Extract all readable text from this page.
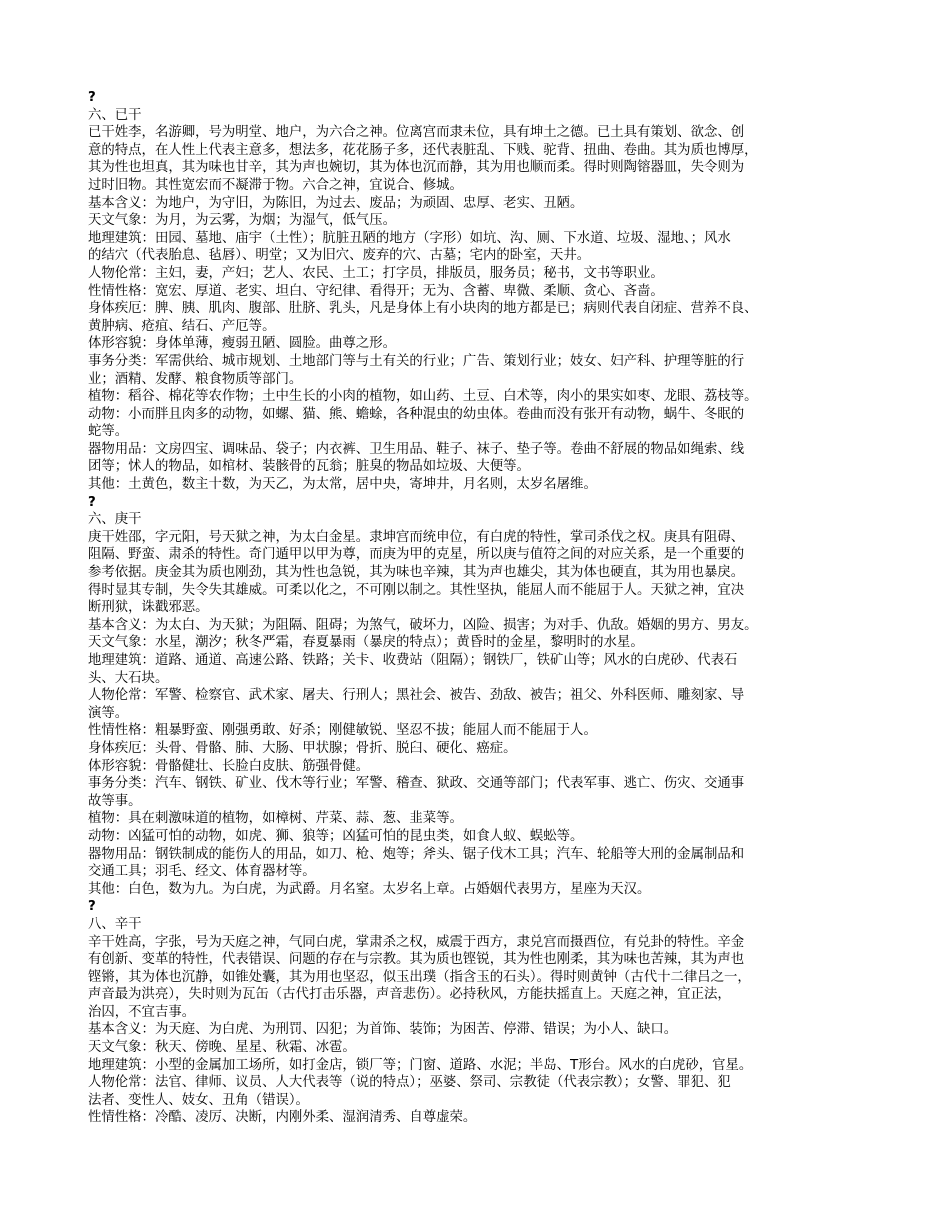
?
六、已干
已干姓李，名游卿，号为明堂、地户，为六合之神。位离宫而隶未位，具有坤土之德。已土具有策划、欲念、创
意的特点，在人性上代表主意多，想法多，花花肠子多，还代表脏乱、下贱、驼背、扭曲、卷曲。其为质也博厚，
其为性也坦真，其为味也甘辛，其为声也婉切，其为体也沉而静，其为用也顺而柔。得时则陶镕器皿，失令则为
过时旧物。其性宽宏而不凝滞于物。六合之神，宜说合、修城。
基本含义：为地户，为守旧，为陈旧，为过去、废品；为顽固、忠厚、老实、丑陋。
天文气象：为月，为云雾，为烟；为湿气，低气压。
地理建筑：田园、墓地、庙宇（土性）；肮脏丑陋的地方（字形）如坑、沟、厕、下水道、垃圾、湿地、；风水
的结穴（代表胎息、毡唇）、明堂；又为旧穴、废弃的穴、古墓；宅内的卧室，天井。
人物伦常：主妇，妻，产妇；艺人、农民、土工；打字员，排版员，服务员；秘书，文书等职业。
性情性格：宽宏、厚道、老实、坦白、守纪律、看得开；无为、含蓄、卑微、柔顺、贪心、吝啬。
身体疾厄：脾、胰、肌肉、腹部、肚脐、乳头，凡是身体上有小块肉的地方都是已；病则代表自闭症、营养不良、
黄肿病、疮疽、结石、产厄等。
体形容貌：身体单薄，瘦弱丑陋、圆脸。曲尊之形。
事务分类：军需供给、城市规划、土地部门等与土有关的行业；广告、策划行业；妓女、妇产科、护理等脏的行
业；酒精、发酵、粮食物质等部门。
植物：稻谷、棉花等农作物；土中生长的小肉的植物，如山药、土豆、白术等，肉小的果实如枣、龙眼、荔枝等。
动物：小而胖且肉多的动物，如螺、猫、熊、蟾蜍，各种混虫的幼虫体。卷曲而没有张开有动物，蜗牛、冬眠的
蛇等。
器物用品：文房四宝、调味品、袋子；内衣裤、卫生用品、鞋子、袜子、垫子等。卷曲不舒展的物品如绳索、线
团等；怵人的物品，如棺材、装骸骨的瓦翁；脏臭的物品如垃圾、大便等。
其他：土黄色，数主十数，为天乙，为太常，居中央，寄坤井，月名则，太岁名屠维。
?
六、庚干
庚干姓邵，字元阳，号天狱之神，为太白金星。隶坤宫而统申位，有白虎的特性，掌司杀伐之权。庚具有阻碍、
阻隔、野蛮、肃杀的特性。奇门遁甲以甲为尊，而庚为甲的克星，所以庚与值符之间的对应关系，是一个重要的
参考依据。庚金其为质也刚劲，其为性也急锐，其为味也辛辣，其为声也雄尖，其为体也硬直，其为用也暴戾。
得时显其专制，失令失其雄威。可柔以化之，不可刚以制之。其性坚执，能屈人而不能屈于人。天狱之神，宜决
断刑狱，诛戳邪恶。
基本含义：为太白、为天狱；为阻隔、阻碍；为煞气，破坏力，凶险、损害；为对手、仇敌。婚姻的男方、男友。
天文气象：水星，潮汐；秋冬严霜，春夏暴雨（暴戾的特点）；黄昏时的金星，黎明时的水星。
地理建筑：道路、通道、高速公路、铁路；关卡、收费站（阻隔）；钢铁厂，铁矿山等；风水的白虎砂、代表石
头、大石块。
人物伦常：军警、检察官、武术家、屠夫、行刑人；黑社会、被告、劲敌、被告；祖父、外科医师、雕刻家、导
演等。
性情性格：粗暴野蛮、刚强勇敢、好杀；刚健敏锐、坚忍不拔；能屈人而不能屈于人。
身体疾厄：头骨、骨骼、肺、大肠、甲状腺；骨折、脱臼、硬化、癌症。
体形容貌：骨骼健壮、长脸白皮肤、筋强骨健。
事务分类：汽车、钢铁、矿业、伐木等行业；军警、稽查、狱政、交通等部门；代表军事、逃亡、伤灾、交通事
故等事。
植物：具在刺激味道的植物，如樟树、芹菜、蒜、葱、韭菜等。
动物：凶猛可怕的动物，如虎、狮、狼等；凶猛可怕的昆虫类，如食人蚁、蜈蚣等。
器物用品：钢铁制成的能伤人的用品，如刀、枪、炮等；斧头、锯子伐木工具；汽车、轮船等大刑的金属制品和
交通工具；羽毛、经文、体育器材等。
其他：白色，数为九。为白虎，为武爵。月名窒。太岁名上章。占婚姻代表男方，星座为天汉。
?
八、辛干
辛干姓高，字张，号为天庭之神，气同白虎，掌肃杀之权，威震于西方，隶兑宫而摄酉位，有兑卦的特性。辛金
有创新、变革的特性，代表错误、问题的存在与宗教。其为质也铿锐，其为性也刚柔，其为味也苦辣，其为声也
铿锵，其为体也沉静，如锥处囊，其为用也坚忍，似玉出璞（指含玉的石头）。得时则黄钟（古代十二律吕之一，
声音最为洪亮），失时则为瓦缶（古代打击乐器，声音悲伤）。必持秋风，方能扶摇直上。天庭之神，宜正法，
治囚，不宜吉事。
基本含义：为天庭、为白虎、为刑罚、囚犯；为首饰、装饰；为困苦、停滞、错误；为小人、缺口。
天文气象：秋天、傍晚、星星、秋霜、冰雹。
地理建筑：小型的金属加工场所，如打金店，锁厂等；门窗、道路、水泥；半岛、T形台。风水的白虎砂，官星。
人物伦常：法官、律师、议员、人大代表等（说的特点）；巫婆、祭司、宗教徒（代表宗教）；女警、罪犯、犯
法者、变性人、妓女、丑角（错误）。
性情性格：冷酷、凌厉、决断，内刚外柔、湿润清秀、自尊虚荣。
